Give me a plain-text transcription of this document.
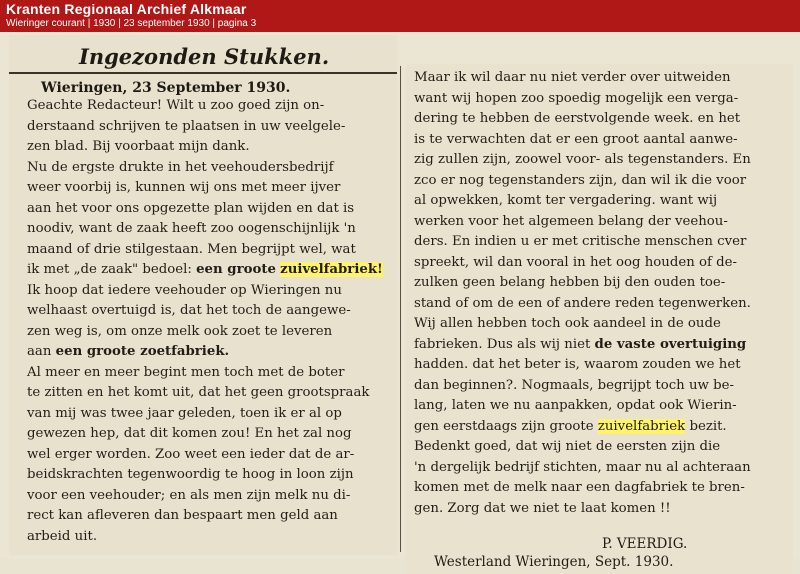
Kranten Regionaal Archief Alkmaar
Wieringer courant | 1930 | 23 september 1930 | pagina 3
Ingezonden Stukken.
Wieringen, 23 September 1930.
Geachte Redacteur! Wilt u zoo goed zijn on-
derstaand schrijven te plaatsen in uw veelgele-
zen blad. Bij voorbaat mijn dank.
Nu de ergste drukte in het veehoudersbedrijf
weer voorbij is, kunnen wij ons met meer ijver
aan het voor ons opgezette plan wijden en dat is
noodiv, want de zaak heeft zoo oogenschijnlijk 'n
maand of drie stilgestaan. Men begrijpt wel, wat
ik met „de zaak" bedoel: een groote zuivelfabriek!
Ik hoop dat iedere veehouder op Wieringen nu
welhaast overtuigd is, dat het toch de aangewe-
zen weg is, om onze melk ook zoet te leveren
aan een groote zoetfabriek.
Al meer en meer begint men toch met de boter
te zitten en het komt uit, dat het geen grootspraak
van mij was twee jaar geleden, toen ik er al op
gewezen hep, dat dit komen zou! En het zal nog
wel erger worden. Zoo weet een ieder dat de ar-
beidskrachten tegenwoordig te hoog in loon zijn
voor een veehouder; en als men zijn melk nu di-
rect kan afleveren dan bespaart men geld aan
arbeid uit.
Maar ik wil daar nu niet verder over uitweiden
want wij hopen zoo spoedig mogelijk een verga-
dering te hebben de eerstvolgende week. en het
is te verwachten dat er een groot aantal aanwe-
zig zullen zijn, zoowel voor- als tegenstanders. En
zco er nog tegenstanders zijn, dan wil ik die voor
al opwekken, komt ter vergadering. want wij
werken voor het algemeen belang der veehou-
ders. En indien u er met critische menschen cver
spreekt, wil dan vooral in het oog houden of de-
zulken geen belang hebben bij den ouden toe-
stand of om de een of andere reden tegenwerken.
Wij allen hebben toch ook aandeel in de oude
fabrieken. Dus als wij niet de vaste overtuiging
hadden. dat het beter is, waarom zouden we het
dan beginnen?. Nogmaals, begrijpt toch uw be-
lang, laten we nu aanpakken, opdat ook Wierin-
gen eerstdaags zijn groote zuivelfabriek bezit.
Bedenkt goed, dat wij niet de eersten zijn die
'n dergelijk bedrijf stichten, maar nu al achteraan
komen met de melk naar een dagfabriek te bren-
gen. Zorg dat we niet te laat komen !!
P. VEERDIG.
Westerland Wieringen, Sept. 1930.
